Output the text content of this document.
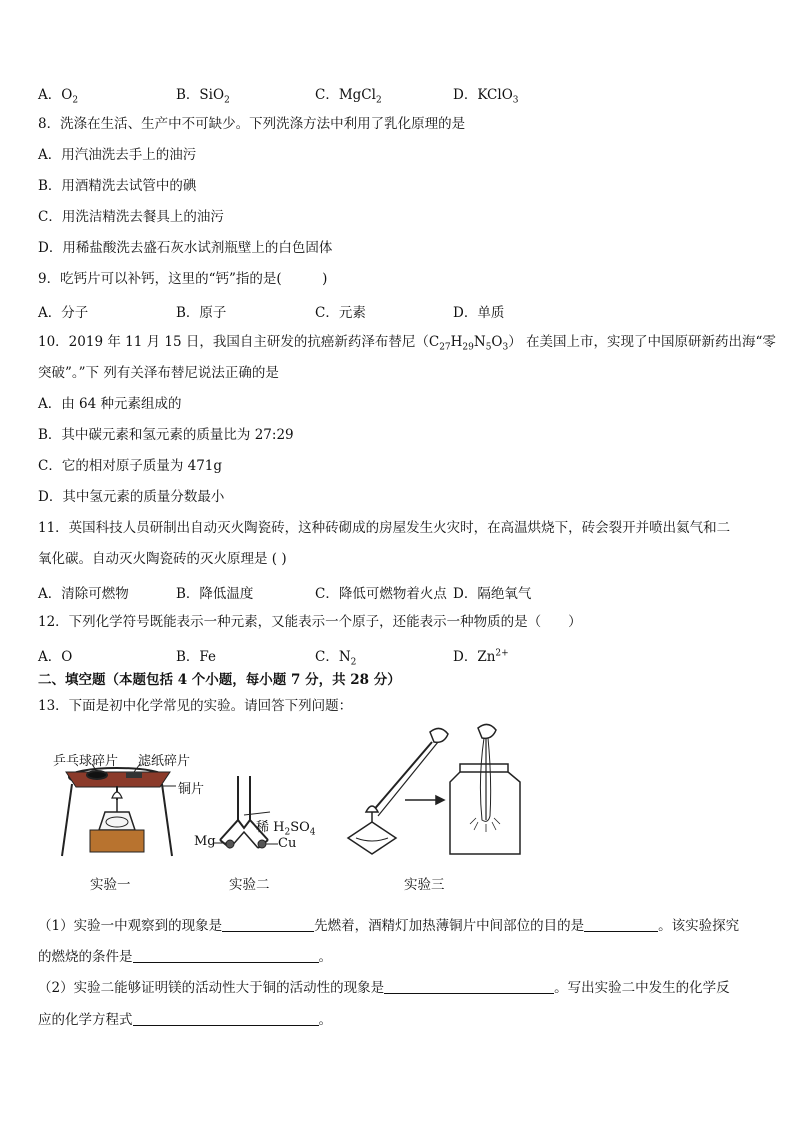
A．$O_2$	B．SiO$_2$	C．MgCl$_2$	D．KClO$_3$
8．洗涤在生活、生产中不可缺少。下列洗涤方法中利用了乳化原理的是
A．用汽油洗去手上的油污
B．用酒精洗去试管中的碘
C．用洗洁精洗去餐具上的油污
D．用稀盐酸洗去盛石灰水试剂瓶壁上的白色固体
9．吃钙片可以补钙，这里的“钙”指的是(　　　)
A．分子	B．原子	C．元素	D．单质
10．2019 年 11 月 15 日，我国自主研发的抗癌新药泽布替尼$(C_{27}H_{29}N_5O_3)$ 在美国上市，实现了中国原研新药出海“零
突破”。”下 列有关泽布替尼说法正确的是
A．由 64 种元素组成的
B．其中碳元素和氢元素的质量比为 27:29
C．它的相对原子质量为 471g
D．其中氢元素的质量分数最小
11．英国科技人员研制出自动灭火陶瓷砖，这种砖砌成的房屋发生火灾时，在高温烘烧下，砖会裂开并喷出氦气和二
氧化碳。自动灭火陶瓷砖的灭火原理是 ( )
A．清除可燃物	B．降低温度	C．降低可燃物着火点 D．隔绝氧气
12．下列化学符号既能表示一种元素，又能表示一个原子，还能表示一种物质的是（　　）
A．O	B．Fe	C．$N_2$	D．$Zn^{2+}$
二、填空题（本题包括 4 个小题，每小题 7 分，共 28 分）
13．下面是初中化学常见的实验。请回答下列问题：
乒乓球碎片 滤纸碎片
铜片
稀 $H_2SO_4$
Mg	Cu
实验一	实验二	实验三
（1）实验一中观察到的现象是	先燃着，酒精灯加热薄铜片中间部位的目的是	。该实验探究
的燃烧的条件是	。
（2）实验二能够证明镁的活动性大于铜的活动性的现象是	。写出实验二中发生的化学反
应的化学方程式	。
